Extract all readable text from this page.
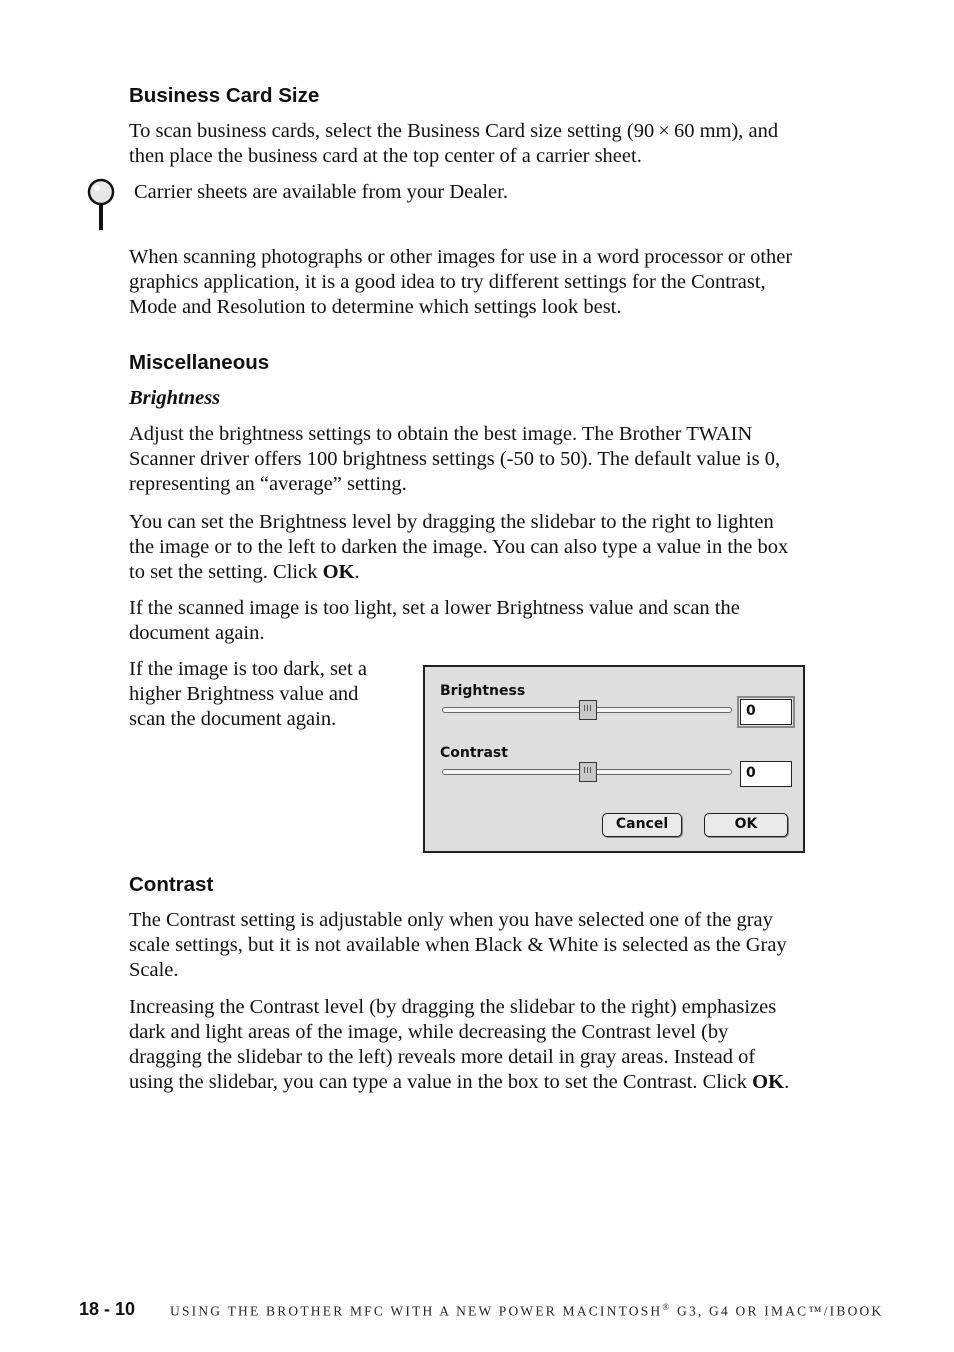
Business Card Size

To scan business cards, select the Business Card size setting (90 × 60 mm), and

then place the business card at the top center of a carrier sheet.

Carrier sheets are available from your Dealer.

When scanning photographs or other images for use in a word processor or other

graphics application, it is a good idea to try different settings for the Contrast,

Mode and Resolution to determine which settings look best.

Miscellaneous

Brightness

Adjust the brightness settings to obtain the best image. The Brother TWAIN

Scanner driver offers 100 brightness settings (-50 to 50). The default value is 0,

representing an “average” setting.

You can set the Brightness level by dragging the slidebar to the right to lighten

the image or to the left to darken the image. You can also type a value in the box

to set the setting. Click OK.

If the scanned image is too light, set a lower Brightness value and scan the

document again.

If the image is too dark, set a

higher Brightness value and

scan the document again.

Brightness
0
Contrast
0
Cancel	OK
Contrast

The Contrast setting is adjustable only when you have selected one of the gray

scale settings, but it is not available when Black & White is selected as the Gray

Scale.

Increasing the Contrast level (by dragging the slidebar to the right) emphasizes

dark and light areas of the image, while decreasing the Contrast level (by

dragging the slidebar to the left) reveals more detail in gray areas. Instead of

using the slidebar, you can type a value in the box to set the Contrast. Click OK.

18 - 10	USING THE BROTHER MFC WITH A NEW POWER MACINTOSH® G3, G4 OR IMAC™/IBOOK
